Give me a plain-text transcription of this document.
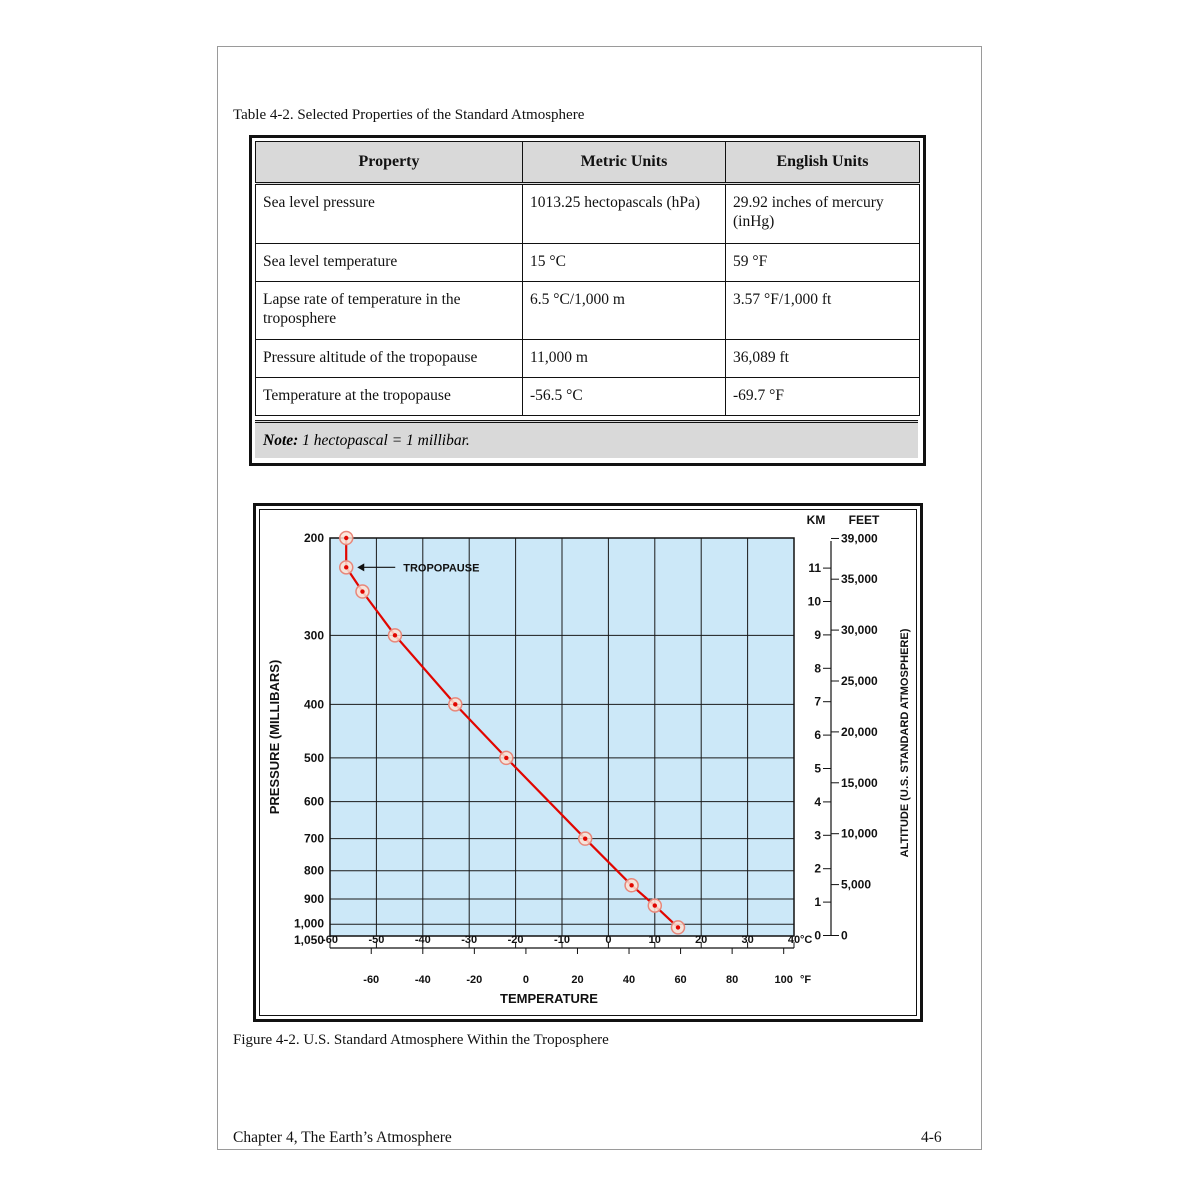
Table 4-2. Selected Properties of the Standard Atmosphere
Property	Metric Units	English Units
Sea level pressure	1013.25 hectopascals (hPa)	29.92 inches of mercury (inHg)
Sea level temperature	15 °C	59 °F
Lapse rate of temperature in the troposphere	6.5 °C/1,000 m	3.57 °F/1,000 ft
Pressure altitude of the tropopause	11,000 m	36,089 ft
Temperature at the tropopause	-56.5 °C	-69.7 °F
Note: 1 hectopascal = 1 millibar.
200
300
400
500
600
700
800
900
1,000
1,050
-60	-50	-40	-30	-20	-10	0	10	20	30	40 °C
-60	-40	-20	0	20	40	60	80	100 °F
TEMPERATURE
PRESSURE (MILLIBARS)
KM FEET
0
1
2
3
4
5
6
7
8
9
10
11
0
5,000
10,000
15,000
20,000
25,000
30,000
35,000
39,000
ALTITUDE (U.S. STANDARD ATMOSPHERE)
TROPOPAUSE
Figure 4-2. U.S. Standard Atmosphere Within the Troposphere
Chapter 4, The Earth’s Atmosphere	4-6
